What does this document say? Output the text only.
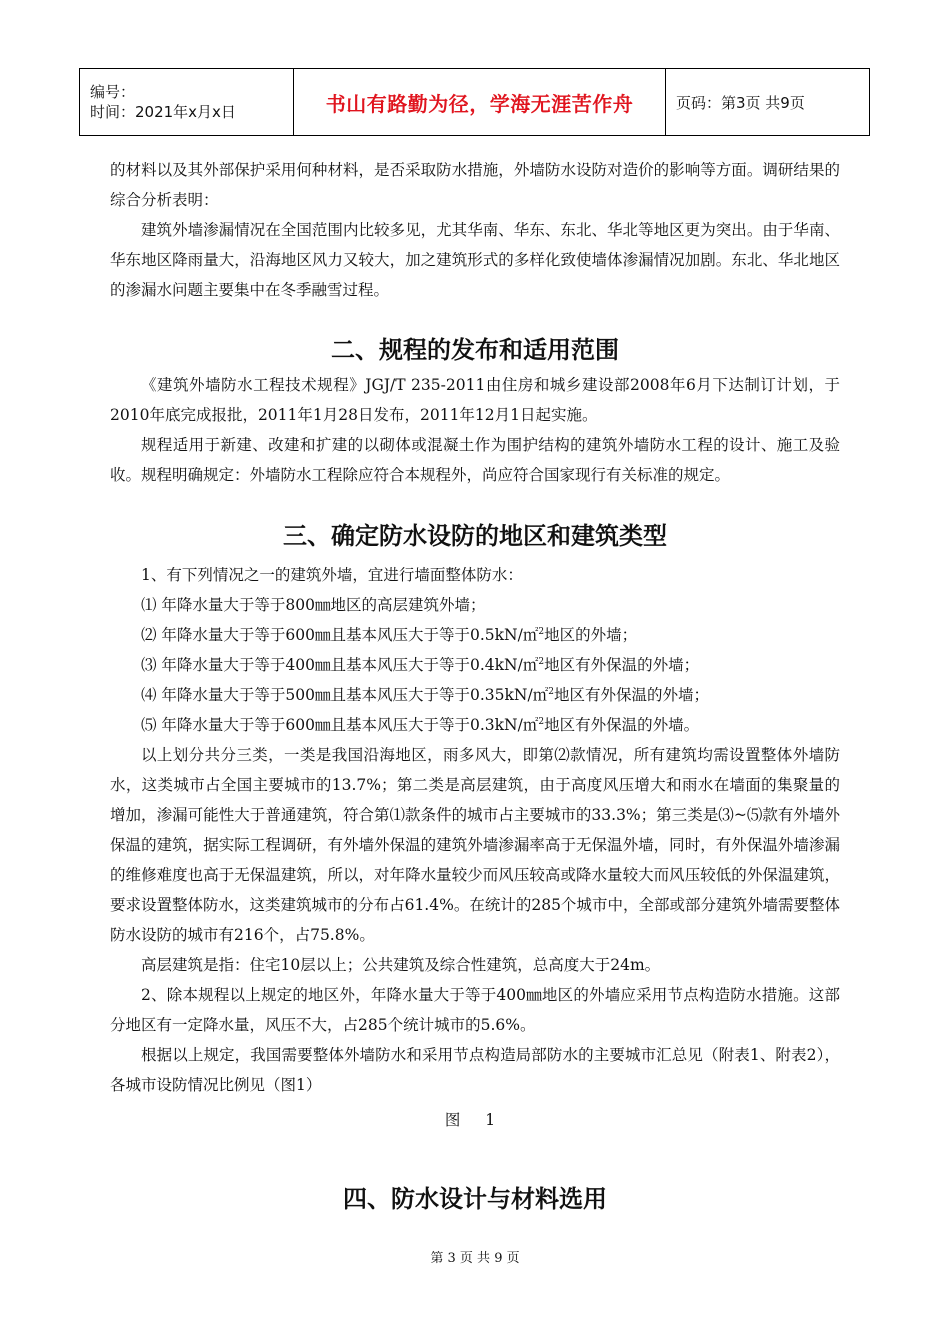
编号：
时间：2021年x月x日	书山有路勤为径，学海无涯苦作舟	页码：第3页 共9页

的材料以及其外部保护采用何种材料，是否采取防水措施，外墙防水设防对造价的影响等方面。调研结果的综合分析表明：

建筑外墙渗漏情况在全国范围内比较多见，尤其华南、华东、东北、华北等地区更为突出。由于华南、华东地区降雨量大，沿海地区风力又较大，加之建筑形式的多样化致使墙体渗漏情况加剧。东北、华北地区的渗漏水问题主要集中在冬季融雪过程。

二、规程的发布和适用范围

《建筑外墙防水工程技术规程》JGJ/T 235-2011由住房和城乡建设部2008年6月下达制订计划，于2010年底完成报批，2011年1月28日发布，2011年12月1日起实施。

规程适用于新建、改建和扩建的以砌体或混凝土作为围护结构的建筑外墙防水工程的设计、施工及验收。规程明确规定：外墙防水工程除应符合本规程外，尚应符合国家现行有关标准的规定。

三、确定防水设防的地区和建筑类型

1、有下列情况之一的建筑外墙，宜进行墙面整体防水：

⑴ 年降水量大于等于800㎜地区的高层建筑外墙；

⑵ 年降水量大于等于600㎜且基本风压大于等于0.5kN/㎡$^2$地区的外墙；

⑶ 年降水量大于等于400㎜且基本风压大于等于0.4kN/㎡$^2$地区有外保温的外墙；

⑷ 年降水量大于等于500㎜且基本风压大于等于0.35kN/㎡$^2$地区有外保温的外墙；

⑸ 年降水量大于等于600㎜且基本风压大于等于0.3kN/㎡$^2$地区有外保温的外墙。

以上划分共分三类，一类是我国沿海地区，雨多风大，即第⑵款情况，所有建筑均需设置整体外墙防水，这类城市占全国主要城市的13.7%；第二类是高层建筑，由于高度风压增大和雨水在墙面的集聚量的增加，渗漏可能性大于普通建筑，符合第⑴款条件的城市占主要城市的33.3%；第三类是⑶~⑸款有外墙外保温的建筑，据实际工程调研，有外墙外保温的建筑外墙渗漏率高于无保温外墙，同时，有外保温外墙渗漏的维修难度也高于无保温建筑，所以，对年降水量较少而风压较高或降水量较大而风压较低的外保温建筑，要求设置整体防水，这类建筑城市的分布占61.4%。在统计的285个城市中，全部或部分建筑外墙需要整体防水设防的城市有216个，占75.8%。

高层建筑是指：住宅10层以上；公共建筑及综合性建筑，总高度大于24m。

2、除本规程以上规定的地区外，年降水量大于等于400㎜地区的外墙应采用节点构造防水措施。这部分地区有一定降水量，风压不大，占285个统计城市的5.6%。

根据以上规定，我国需要整体外墙防水和采用节点构造局部防水的主要城市汇总见（附表1、附表2），各城市设防情况比例见（图1）

图 1
四、防水设计与材料选用
第 3 页 共 9 页
